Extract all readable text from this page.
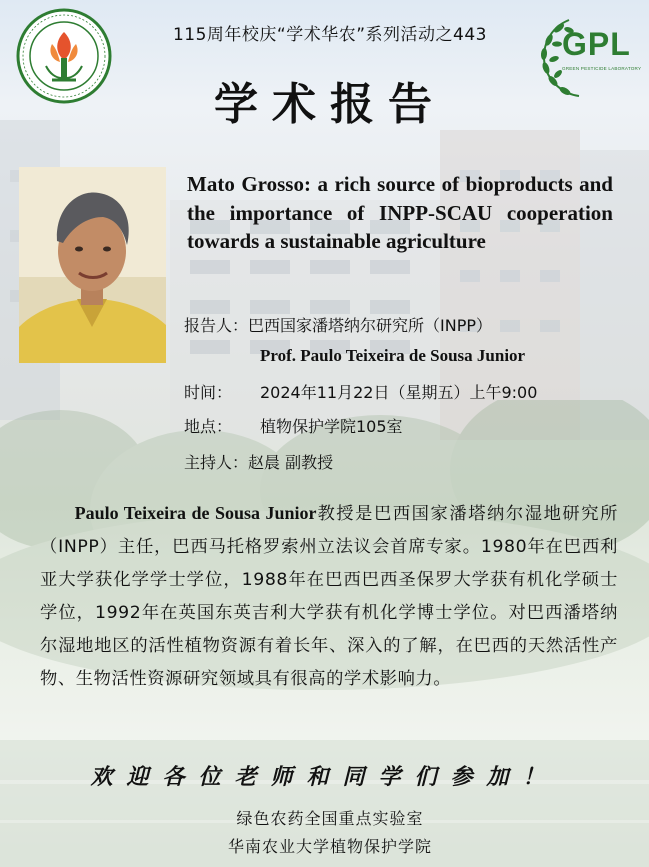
GPL
GREEN PESTICIDE LABORATORY
115周年校庆“学术华农”系列活动之443
学术报告
Mato Grosso: a rich source of bioproducts and the importance of INPP-SCAU cooperation towards a sustainable agriculture
报告人：巴西国家潘塔纳尔研究所（INPP）
Prof. Paulo Teixeira de Sousa Junior
时间： 2024年11月22日（星期五）上午9:00
地点： 植物保护学院105室
主持人：赵晨 副教授
Paulo Teixeira de Sousa Junior教授是巴西国家潘塔纳尔湿地研究所（INPP）主任，巴西马托格罗索州立法议会首席专家。1980年在巴西利亚大学获化学学士学位，1988年在巴西巴西圣保罗大学获有机化学硕士学位，1992年在英国东英吉利大学获有机化学博士学位。对巴西潘塔纳尔湿地地区的活性植物资源有着长年、深入的了解，在巴西的天然活性产物、生物活性资源研究领域具有很高的学术影响力。
欢迎各位老师和同学们参加！
绿色农药全国重点实验室
华南农业大学植物保护学院
